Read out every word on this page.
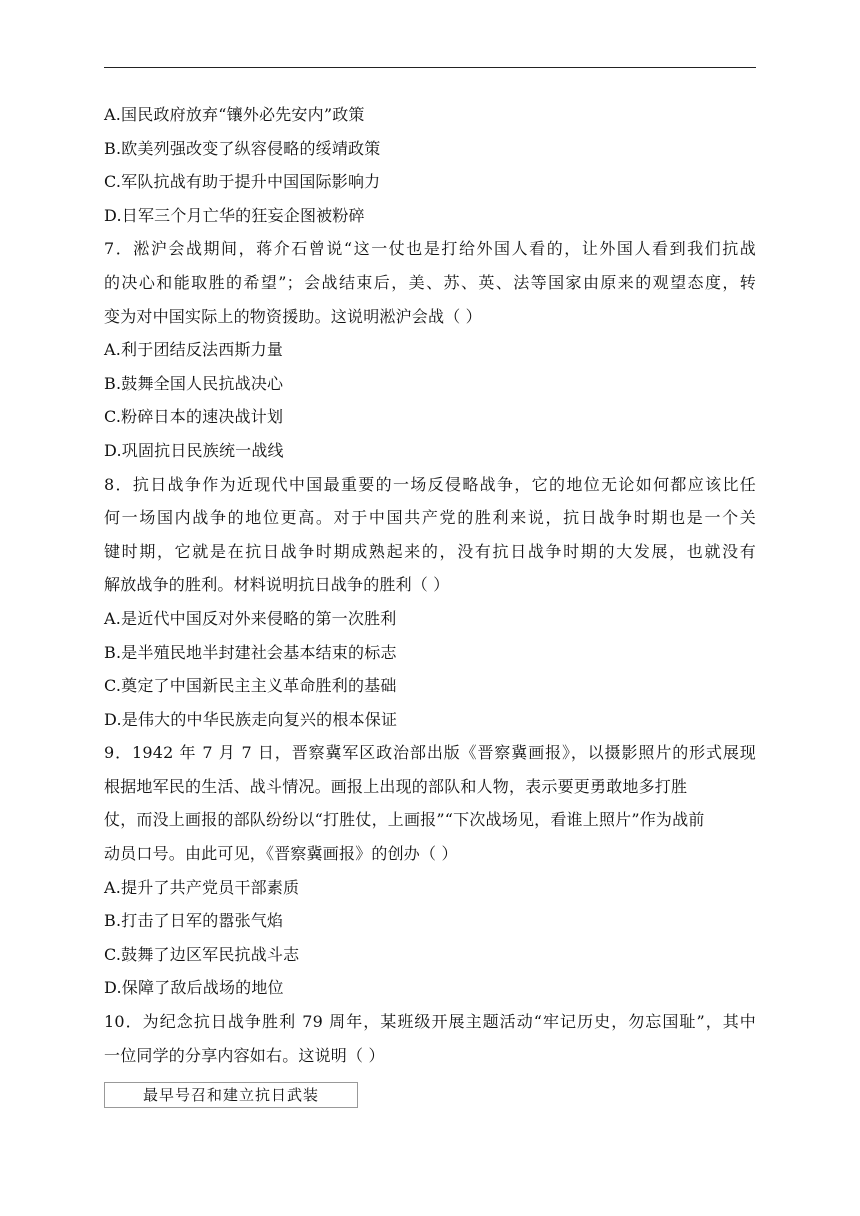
A.国民政府放弃“镶外必先安内”政策
B.欧美列强改变了纵容侵略的绥靖政策
C.军队抗战有助于提升中国国际影响力
D.日军三个月亡华的狂妄企图被粉碎
7．淞沪会战期间，蒋介石曾说“这一仗也是打给外国人看的，让外国人看到我们抗战
的决心和能取胜的希望”；会战结束后，美、苏、英、法等国家由原来的观望态度，转
变为对中国实际上的物资援助。这说明淞沪会战（ ）
A.利于团结反法西斯力量
B.鼓舞全国人民抗战决心
C.粉碎日本的速决战计划
D.巩固抗日民族统一战线
8．抗日战争作为近现代中国最重要的一场反侵略战争，它的地位无论如何都应该比任
何一场国内战争的地位更高。对于中国共产党的胜利来说，抗日战争时期也是一个关
键时期，它就是在抗日战争时期成熟起来的，没有抗日战争时期的大发展，也就没有
解放战争的胜利。材料说明抗日战争的胜利（ ）
A.是近代中国反对外来侵略的第一次胜利
B.是半殖民地半封建社会基本结束的标志
C.奠定了中国新民主主义革命胜利的基础
D.是伟大的中华民族走向复兴的根本保证
9．1942 年 7 月 7 日，晋察冀军区政治部出版《晋察冀画报》，以摄影照片的形式展现
根据地军民的生活、战斗情况。画报上出现的部队和人物，表示要更勇敢地多打胜
仗，而没上画报的部队纷纷以“打胜仗，上画报”“下次战场见，看谁上照片”作为战前
动员口号。由此可见，《晋察冀画报》的创办（ ）
A.提升了共产党员干部素质
B.打击了日军的嚣张气焰
C.鼓舞了边区军民抗战斗志
D.保障了敌后战场的地位
10．为纪念抗日战争胜利 79 周年，某班级开展主题活动“牢记历史，勿忘国耻”，其中
一位同学的分享内容如右。这说明（ ）
最早号召和建立抗日武装
